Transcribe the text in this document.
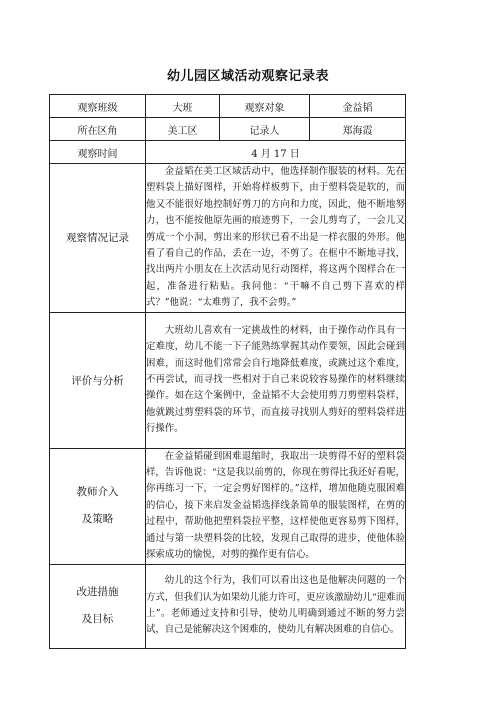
幼儿园区域活动观察记录表
观察班级	大班	观察对象	金益韬
所在区角	美工区	记录人	郑海霞
观察时间	4 月 17 日		
观察情况记录	金益韬在美工区域活动中，他选择制作服装的材料。先在塑料袋上描好图样，开始将样板剪下，由于塑料袋是软的，而他又不能很好地控制好剪刀的方向和力度，因此，他不断地努力，也不能按他原先画的痕迹剪下，一会儿剪弯了，一会儿又剪成一个小洞，剪出来的形状已看不出是一样衣服的外形。他看了看自己的作品，丢在一边，不剪了。在框中不断地寻找，找出两片小朋友在上次活动见行动图样，将这两个图样合在一起，准备进行粘贴。我问他：“干嘛不自己剪下喜欢的样式？”他说：“太难剪了，我不会剪。”		
评价与分析	大班幼儿喜欢有一定挑战性的材料，由于操作动作具有一定难度，幼儿不能一下子能熟练掌握其动作要领，因此会碰到困难，而这时他们常常会自行地降低难度，或跳过这个难度，不再尝试，而寻找一些相对于自己来说较容易操作的材料继续操作。如在这个案例中，金益韬不大会使用剪刀剪塑料袋样，他就跳过剪塑料袋的环节，而直接寻找别人剪好的塑料袋样进行操作。		

教师介入
及策略	在金益韬碰到困难退缩时，我取出一块剪得不好的塑料袋样，告诉他说：“这是我以前剪的，你现在剪得比我还好看呢，你再练习一下，一定会剪好图样的。”这样，增加他随克服困难的信心，接下来启发金益韬选择线条简单的服装图样，在剪的过程中，帮助他把塑料袋拉平整，这样使他更容易剪下图样，通过与第一块塑料袋的比较，发现自己取得的进步，使他体验探索成功的愉悦，对剪的操作更有信心。		

改进措施
及目标	幼儿的这个行为，我们可以看出这也是他解决问题的一个方式，但我们认为如果幼儿能力许可，更应该激励幼儿“迎难而上”。老师通过支持和引导，使幼儿明确到通过不断的努力尝试，自己是能解决这个困难的，使幼儿有解决困难的自信心。		
